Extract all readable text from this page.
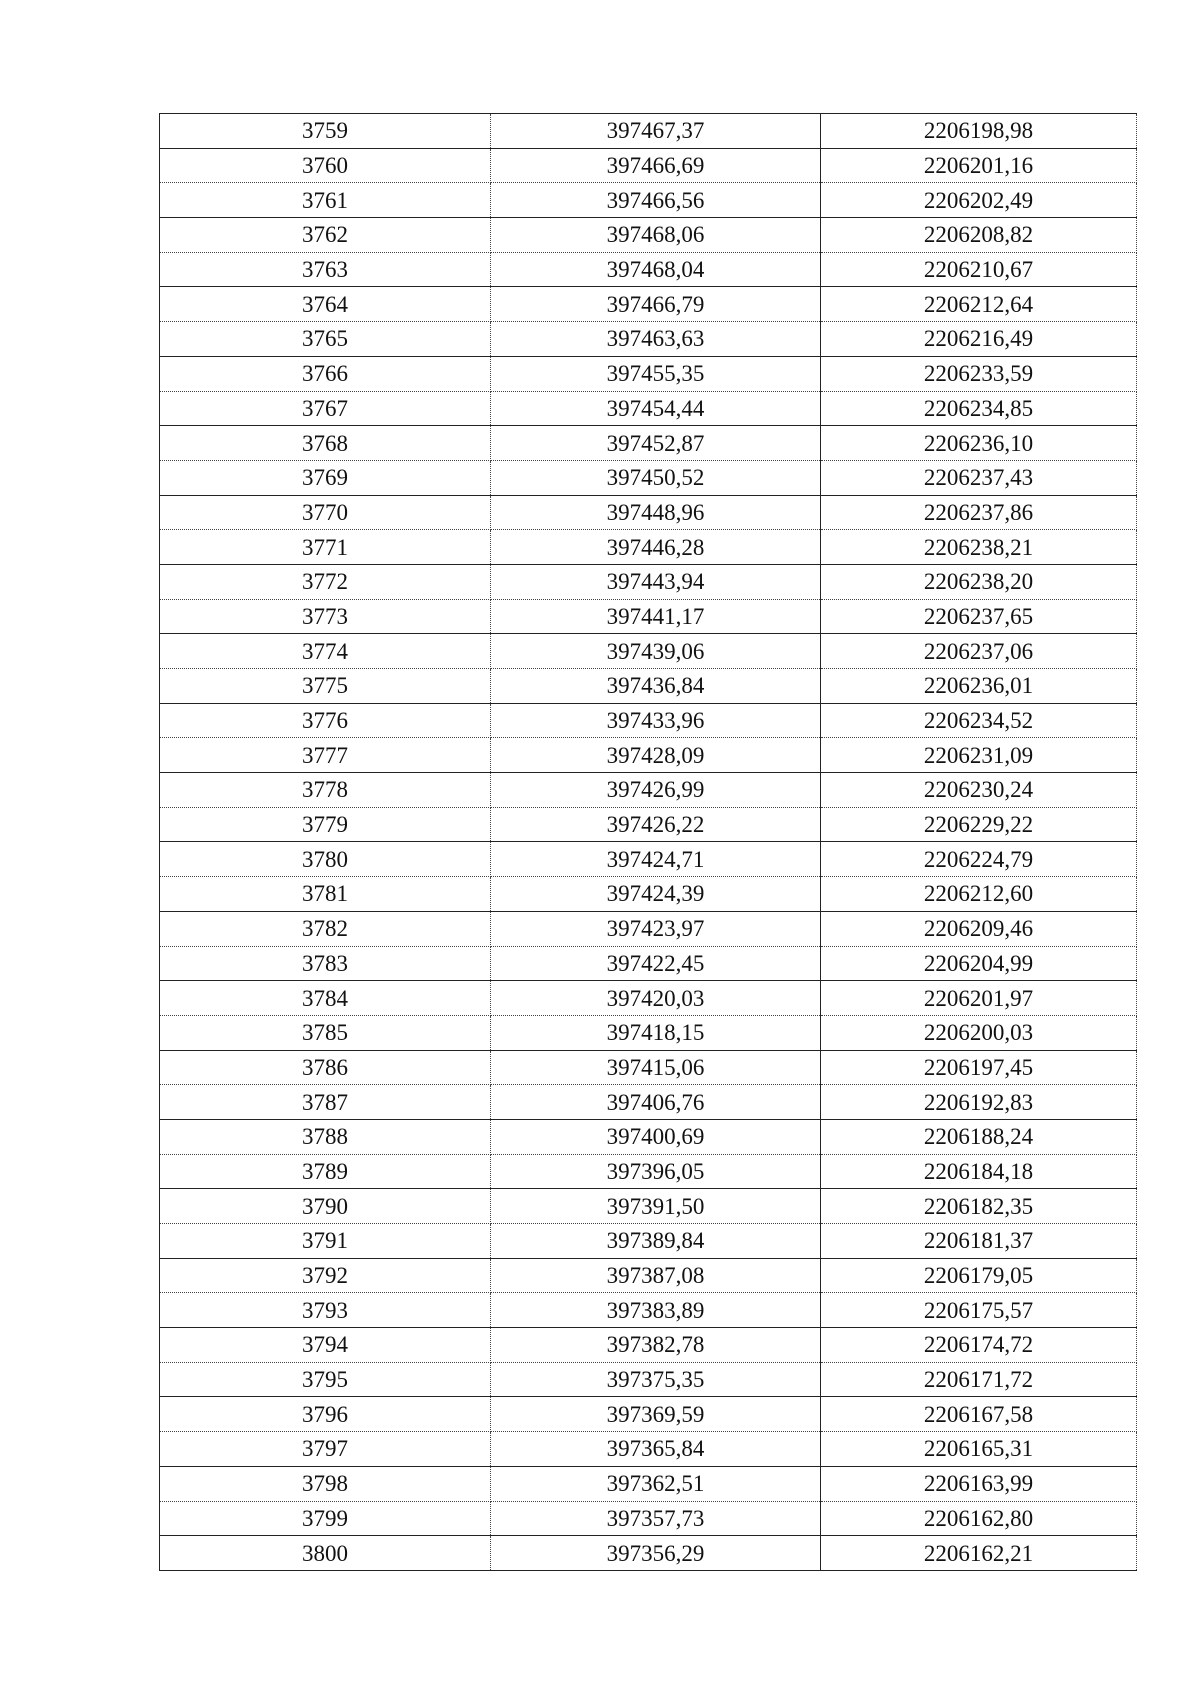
3759	397467,37	2206198,98
3760	397466,69	2206201,16
3761	397466,56	2206202,49
3762	397468,06	2206208,82
3763	397468,04	2206210,67
3764	397466,79	2206212,64
3765	397463,63	2206216,49
3766	397455,35	2206233,59
3767	397454,44	2206234,85
3768	397452,87	2206236,10
3769	397450,52	2206237,43
3770	397448,96	2206237,86
3771	397446,28	2206238,21
3772	397443,94	2206238,20
3773	397441,17	2206237,65
3774	397439,06	2206237,06
3775	397436,84	2206236,01
3776	397433,96	2206234,52
3777	397428,09	2206231,09
3778	397426,99	2206230,24
3779	397426,22	2206229,22
3780	397424,71	2206224,79
3781	397424,39	2206212,60
3782	397423,97	2206209,46
3783	397422,45	2206204,99
3784	397420,03	2206201,97
3785	397418,15	2206200,03
3786	397415,06	2206197,45
3787	397406,76	2206192,83
3788	397400,69	2206188,24
3789	397396,05	2206184,18
3790	397391,50	2206182,35
3791	397389,84	2206181,37
3792	397387,08	2206179,05
3793	397383,89	2206175,57
3794	397382,78	2206174,72
3795	397375,35	2206171,72
3796	397369,59	2206167,58
3797	397365,84	2206165,31
3798	397362,51	2206163,99
3799	397357,73	2206162,80
3800	397356,29	2206162,21
